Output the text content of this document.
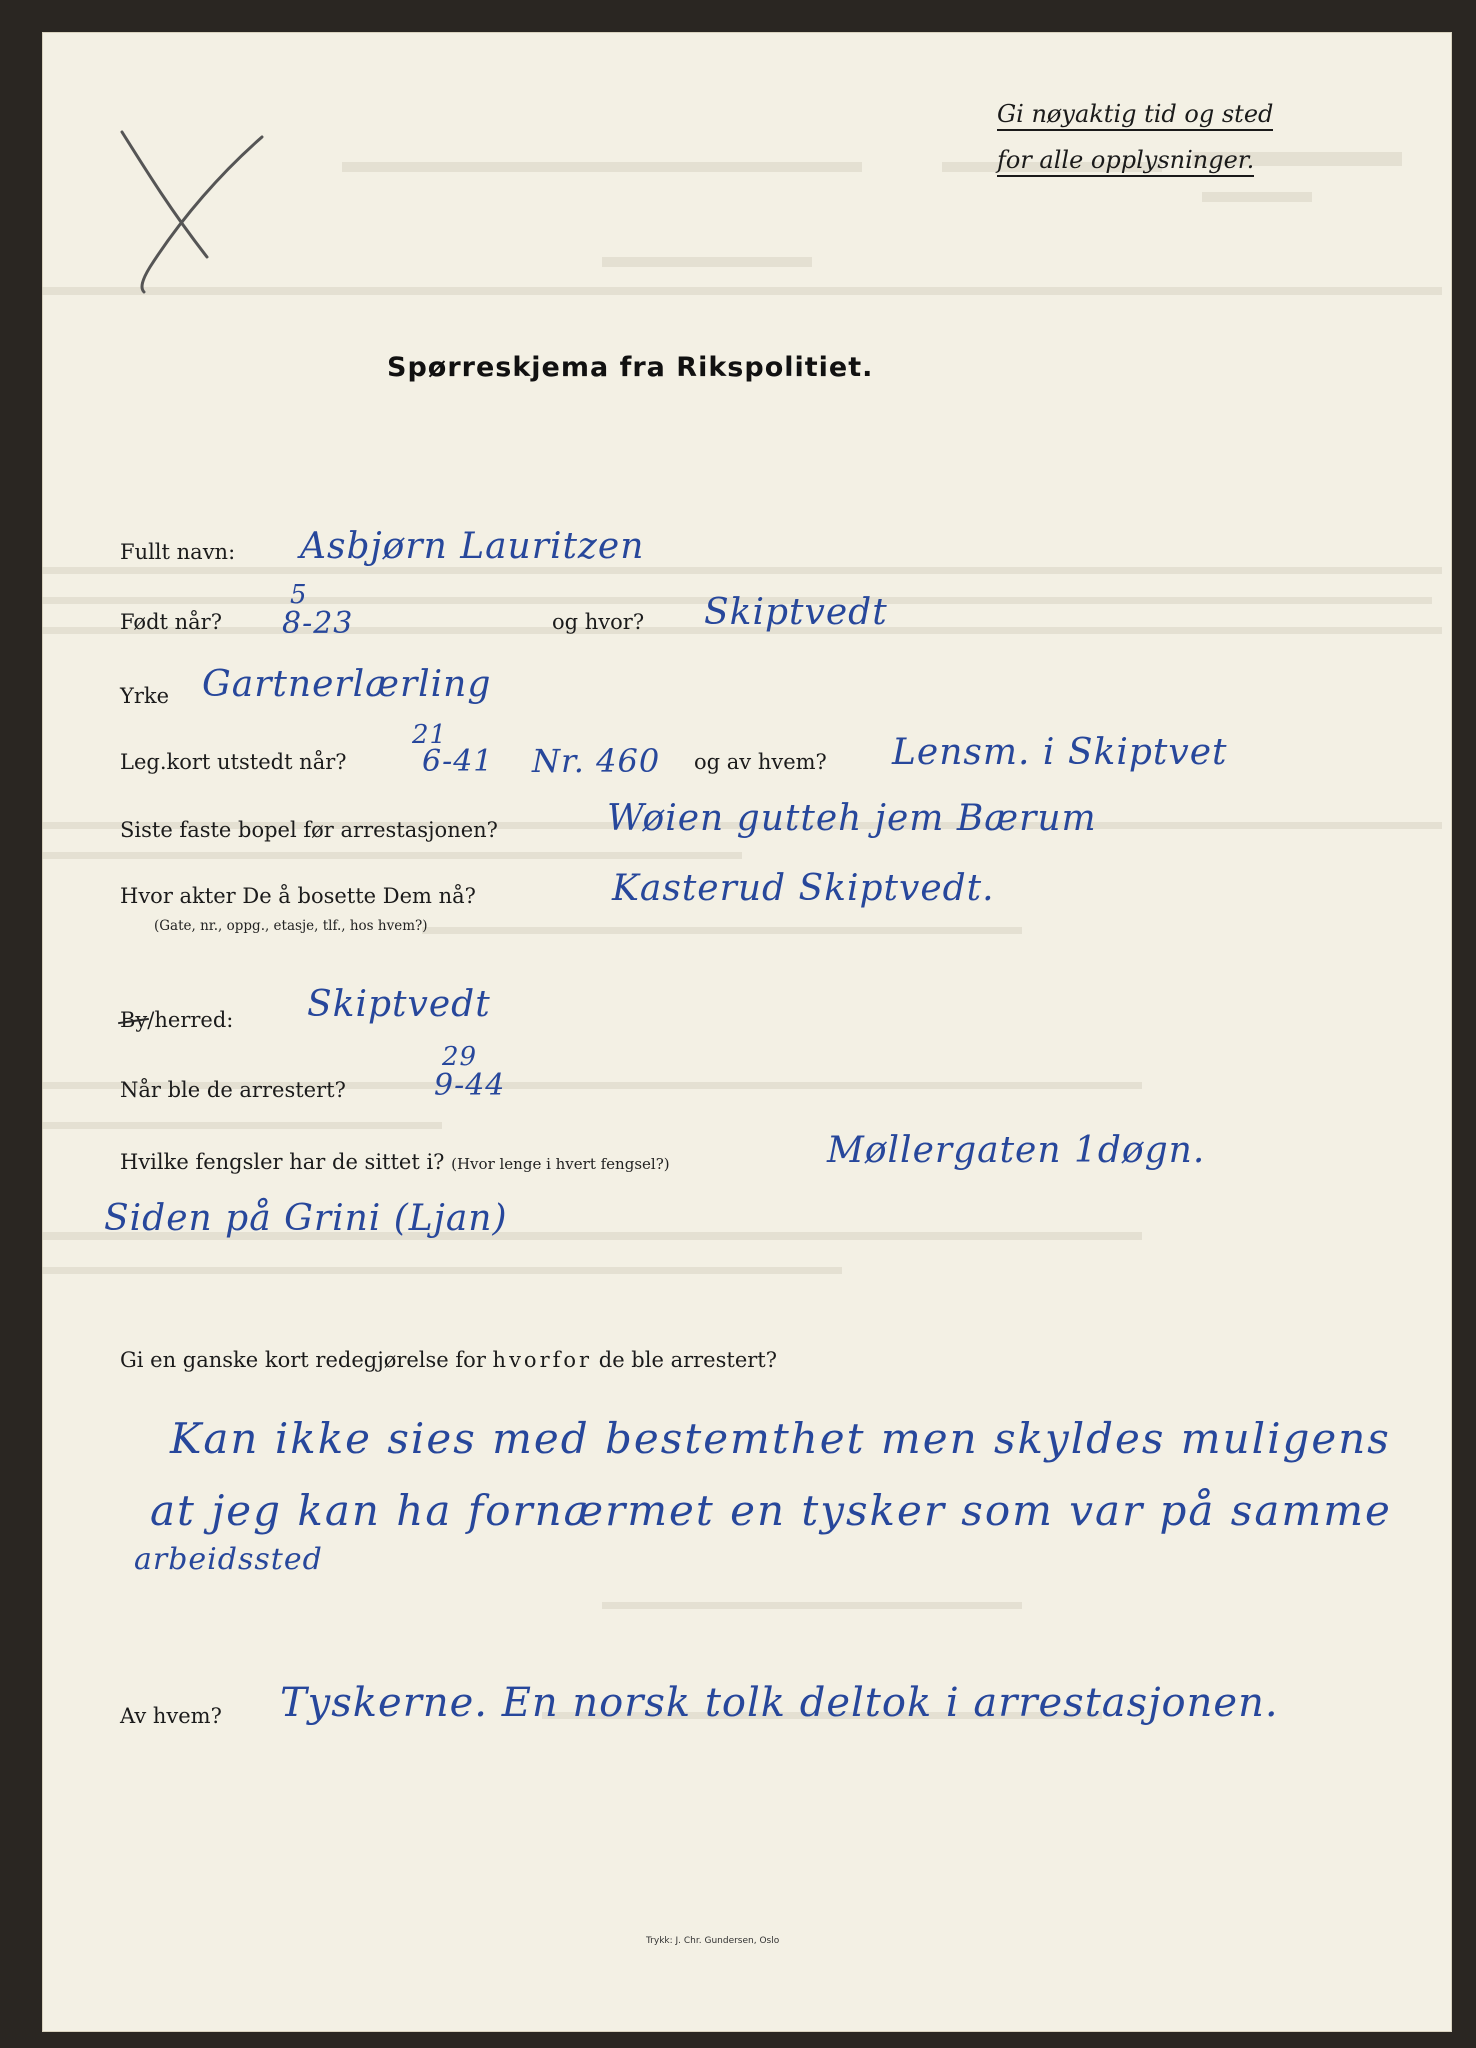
Gi nøyaktig tid og sted
for alle opplysninger.
Spørreskjema fra Rikspolitiet.
Fullt navn: Asbjørn Lauritzen
Født når?
5
8-23	og hvor? Skiptvedt
Yrke Gartnerlærling
Leg.kort utstedt når?
21
6-41 Nr. 460 og av hvem? Lensm. i Skiptvet
Siste faste bopel før arrestasjonen?	Wøien gutteh jem Bærum
Hvor akter De å bosette Dem nå?
(Gate, nr., oppg., etasje, tlf., hos hvem?)
Kasterud Skiptvedt.
By/herred: Skiptvedt
Når ble de arrestert?
29
9-44
Hvilke fengsler har de sittet i? (Hvor lenge i hvert fengsel?)	Møllergaten 1døgn.
Siden på Grini (Ljan)
Gi en ganske kort redegjørelse for hvorfor de ble arrestert?
Kan ikke sies med bestemthet men skyldes muligens
at jeg kan ha fornærmet en tysker som var på samme
arbeidssted
Av hvem? Tyskerne. En norsk tolk deltok i arrestasjonen.
Trykk: J. Chr. Gundersen, Oslo
